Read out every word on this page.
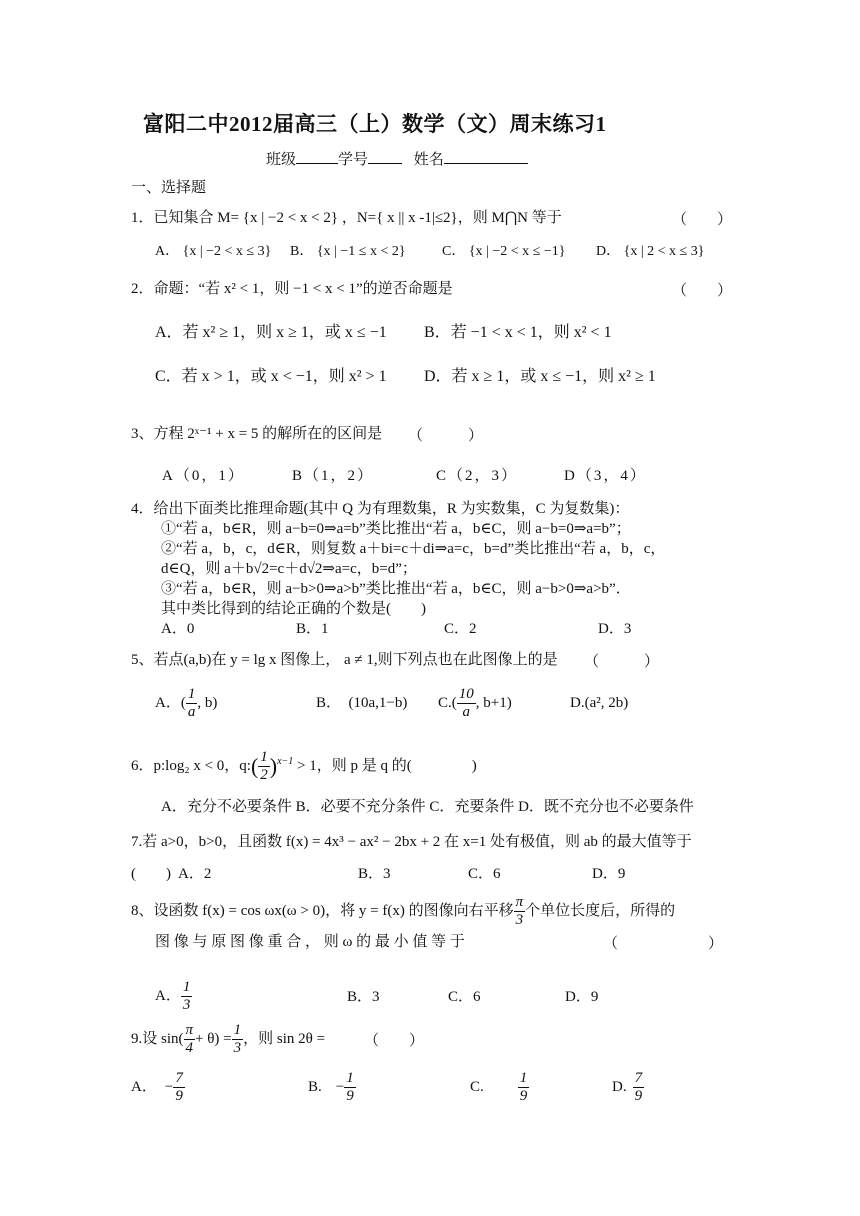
富阳二中2012届高三（上）数学（文）周末练习1
班级	学号	姓名
一、选择题
1．已知集合 M= {x | −2 < x < 2} ，N={ x || x -1|≤2}，则 M⋂N 等于	（　　）
A． {x | −2 < x ≤ 3} B． {x | −1 ≤ x < 2}	C． {x | −2 < x ≤ −1} D． {x | 2 < x ≤ 3}
2．命题：“若 x² < 1，则 −1 < x < 1”的逆否命题是	（　　）
A．若 x² ≥ 1，则 x ≥ 1，或 x ≤ −1 B．若 −1 < x < 1，则 x² < 1
C．若 x > 1，或 x < −1，则 x² > 1 D．若 x ≥ 1，或 x ≤ −1，则 x² ≥ 1
3、方程 2ˣ⁻¹ + x = 5 的解所在的区间是 （　　　）
A（0，1）	B（1，2）	C（2，3）	D（3，4）
4．给出下面类比推理命题(其中 Q 为有理数集，R 为实数集，C 为复数集)：
①“若 a，b∈R，则 a−b=0⇒a=b”类比推出“若 a，b∈C，则 a−b=0⇒a=b”；
②“若 a，b，c，d∈R，则复数 a＋bi=c＋di⇒a=c，b=d”类比推出“若 a，b，c，
d∈Q，则 a＋b√2=c＋d√2⇒a=c，b=d”；
③“若 a，b∈R，则 a−b>0⇒a>b”类比推出“若 a，b∈C，则 a−b>0⇒a>b”．
其中类比得到的结论正确的个数是(　　)
A．0	B．1	C．2	D．3
5、若点(a,b)在 y = lg x 图像上， a ≠ 1,则下列点也在此图像上的是 （　　　）
A．( $\frac{1}{a}$ , b)	B．　(10a,1−b) $C.( \frac{10}{a}$ , b+1)	D.(a², 2b)
6．p:log₂ x < 0，q:( $\frac{1}{2} )^{x-1} > 1$，则 p 是 q 的(　　　　)
A．充分不必要条件 B．必要不充分条件 C．充要条件 D．既不充分也不必要条件
7.若 a>0，b>0，且函数 f(x) = 4x³ − ax² − 2bx + 2 在 x=1 处有极值，则 ab 的最大值等于
(　　) A．2	B．3	C．6	D．9
8、设函数 f(x) = cos ωx(ω > 0)，将 y = f(x) 的图像向右平移 $\frac{\pi}{3}$ 个单位长度后，所得的
图 像 与 原 图 像 重 合 ， 则 ω 的 最 小 值 等 于	（　　　　　　）
A． $\frac{1}{3}$	B．3	C．6	D．9
9.设 $\sin( \frac{\pi}{4} + \theta) = \frac{1}{3}$ ，则 sin 2θ =	（　　）
A． − $\frac{7}{9}$	B. − $\frac{1}{9}$	C. $\frac{1}{9}$	D. $\frac{7}{9}$
